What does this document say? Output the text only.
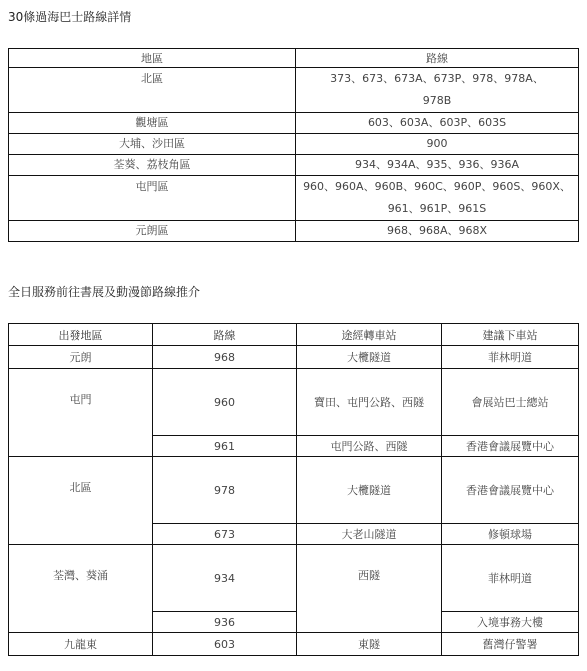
30條過海巴士路線詳情
地區	路線
北區	373、673、673A、673P、978、978A、978B
觀塘區	603、603A、603P、603S
大埔、沙田區	900
荃葵、荔枝角區	934、934A、935、936、936A
屯門區	960、960A、960B、960C、960P、960S、960X、961、961P、961S
元朗區	968、968A、968X
全日服務前往書展及動漫節路線推介
出發地區	路線	途經轉車站	建議下車站
元朗	968	大欖隧道	菲林明道
屯門	960	寶田、屯門公路、西隧	會展站巴士總站
	961	屯門公路、西隧	香港會議展覽中心
北區	978	大欖隧道	香港會議展覽中心
	673	大老山隧道	修頓球場
荃灣、葵涌	934	西隧	菲林明道
	936		入境事務大樓
九龍東	603	東隧	舊灣仔警署
